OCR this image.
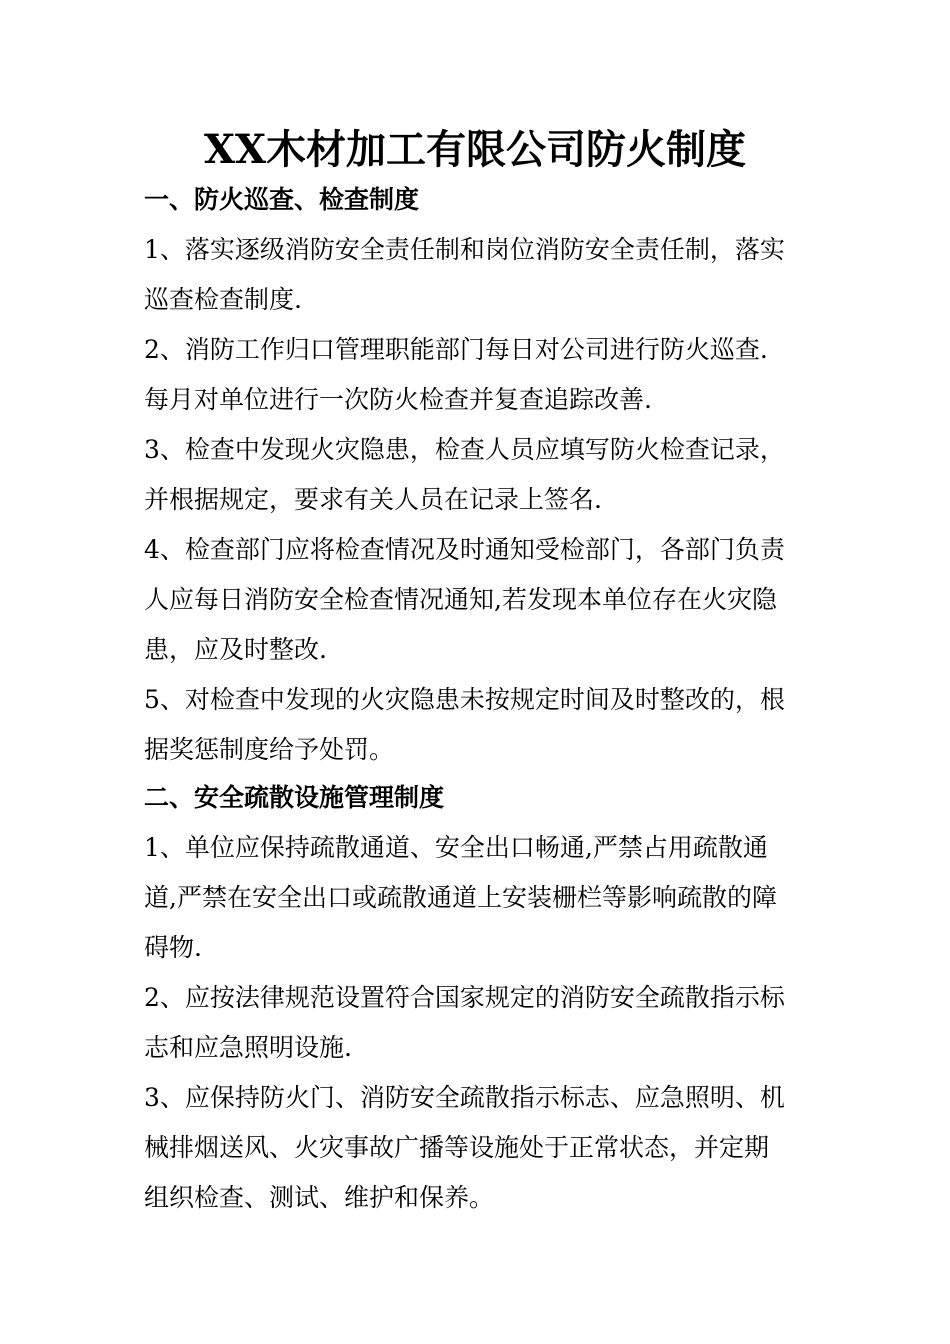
XX木材加工有限公司防火制度
一、防火巡查、检查制度
1、落实逐级消防安全责任制和岗位消防安全责任制，落实
巡查检查制度.
2、消防工作归口管理职能部门每日对公司进行防火巡查.
每月对单位进行一次防火检查并复查追踪改善.
3、检查中发现火灾隐患，检查人员应填写防火检查记录，
并根据规定，要求有关人员在记录上签名.
4、检查部门应将检查情况及时通知受检部门，各部门负责
人应每日消防安全检查情况通知,若发现本单位存在火灾隐
患，应及时整改.
5、对检查中发现的火灾隐患未按规定时间及时整改的，根
据奖惩制度给予处罚。
二、安全疏散设施管理制度
1、单位应保持疏散通道、安全出口畅通,严禁占用疏散通
道,严禁在安全出口或疏散通道上安装栅栏等影响疏散的障
碍物.
2、应按法律规范设置符合国家规定的消防安全疏散指示标
志和应急照明设施.
3、应保持防火门、消防安全疏散指示标志、应急照明、机
械排烟送风、火灾事故广播等设施处于正常状态，并定期
组织检查、测试、维护和保养。
